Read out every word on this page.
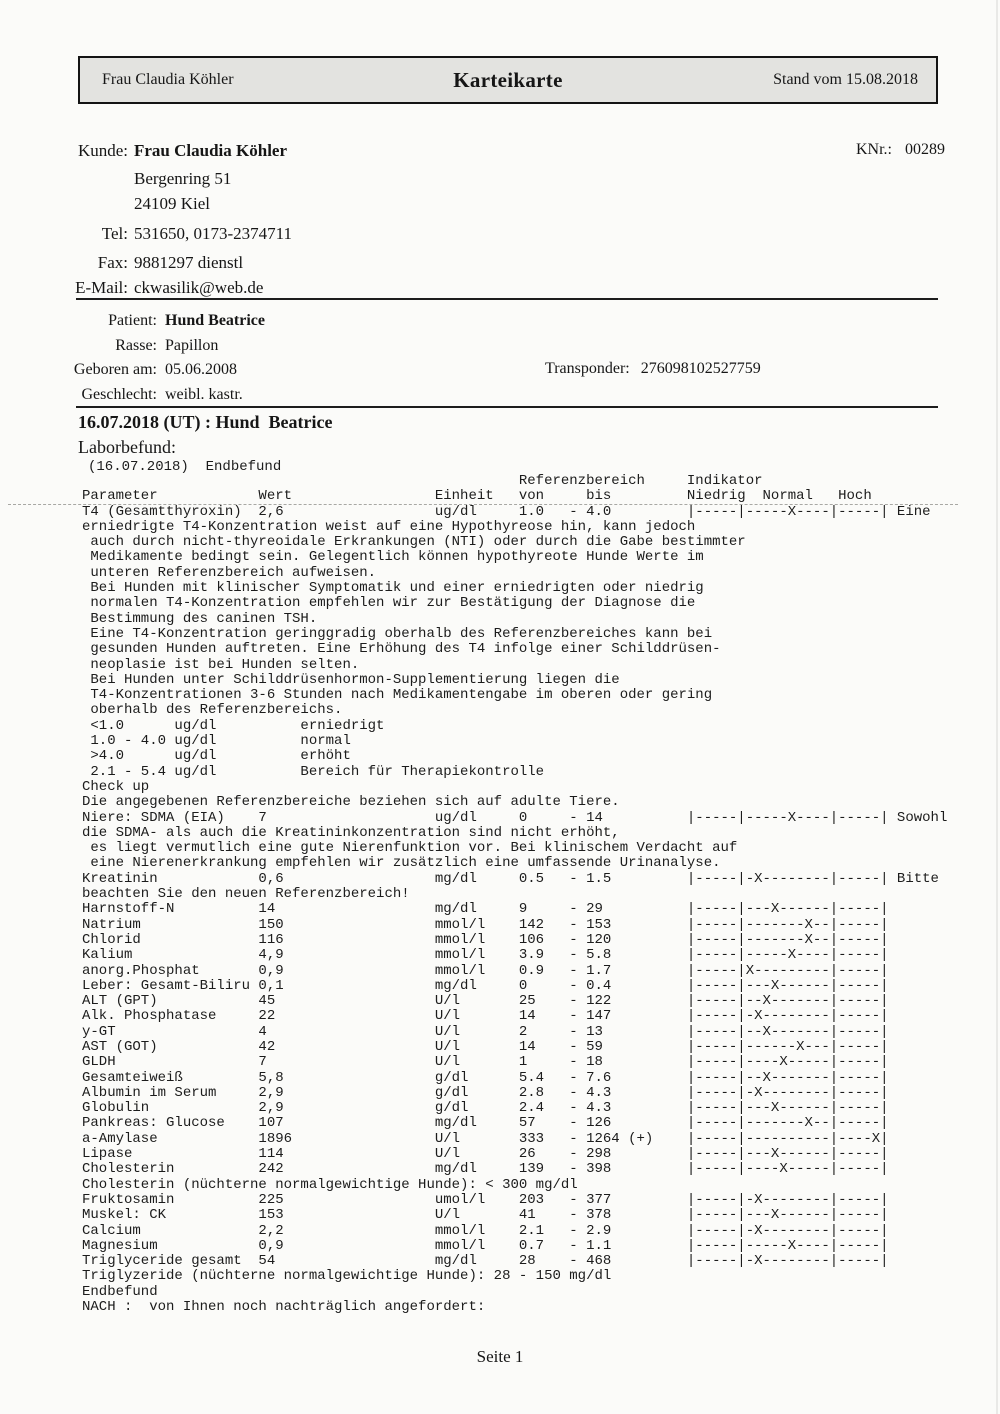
Frau Claudia Köhler	Karteikarte	Stand vom 15.08.2018
KNr.: 00289
Kunde: Frau Claudia Köhler
Bergenring 51
24109 Kiel
Tel: 531650, 0173-2374711
Fax: 9881297 dienstl
E-Mail: ckwasilik@web.de
Patient: Hund Beatrice
Rasse: Papillon
Geboren am: 05.06.2008
Geschlecht: weibl. kastr.
Transponder: 276098102527759
16.07.2018 (UT) : Hund  Beatrice
Laborbefund:
(16.07.2018)  Endbefund
Referenzbereich     Indikator
Parameter            Wert                 Einheit   von     bis         Niedrig  Normal   Hoch
T4 (Gesamtthyroxin)  2,6                  ug/dl     1.0   - 4.0         |-----|-----X----|-----| Eine
erniedrigte T4-Konzentration weist auf eine Hypothyreose hin, kann jedoch
auch durch nicht-thyreoidale Erkrankungen (NTI) oder durch die Gabe bestimmter
Medikamente bedingt sein. Gelegentlich können hypothyreote Hunde Werte im
unteren Referenzbereich aufweisen.
Bei Hunden mit klinischer Symptomatik und einer erniedrigten oder niedrig
normalen T4-Konzentration empfehlen wir zur Bestätigung der Diagnose die
Bestimmung des caninen TSH.
Eine T4-Konzentration geringgradig oberhalb des Referenzbereiches kann bei
gesunden Hunden auftreten. Eine Erhöhung des T4 infolge einer Schilddrüsen-
neoplasie ist bei Hunden selten.
Bei Hunden unter Schilddrüsenhormon-Supplementierung liegen die
T4-Konzentrationen 3-6 Stunden nach Medikamentengabe im oberen oder gering
oberhalb des Referenzbereichs.
<1.0      ug/dl          erniedrigt
1.0 - 4.0 ug/dl          normal
>4.0      ug/dl          erhöht
2.1 - 5.4 ug/dl          Bereich für Therapiekontrolle
Check up
Die angegebenen Referenzbereiche beziehen sich auf adulte Tiere.
Niere: SDMA (EIA)    7                    ug/dl     0     - 14          |-----|-----X----|-----| Sowohl
die SDMA- als auch die Kreatininkonzentration sind nicht erhöht,
es liegt vermutlich eine gute Nierenfunktion vor. Bei klinischem Verdacht auf
eine Nierenerkrankung empfehlen wir zusätzlich eine umfassende Urinanalyse.
Kreatinin            0,6                  mg/dl     0.5   - 1.5         |-----|-X--------|-----| Bitte
beachten Sie den neuen Referenzbereich!
Harnstoff-N          14                   mg/dl     9     - 29          |-----|---X------|-----|
Natrium              150                  mmol/l    142   - 153         |-----|-------X--|-----|
Chlorid              116                  mmol/l    106   - 120         |-----|-------X--|-----|
Kalium               4,9                  mmol/l    3.9   - 5.8         |-----|-----X----|-----|
anorg.Phosphat       0,9                  mmol/l    0.9   - 1.7         |-----|X---------|-----|
Leber: Gesamt-Biliru 0,1                  mg/dl     0     - 0.4         |-----|---X------|-----|
ALT (GPT)            45                   U/l       25    - 122         |-----|--X-------|-----|
Alk. Phosphatase     22                   U/l       14    - 147         |-----|-X--------|-----|
y-GT                 4                    U/l       2     - 13          |-----|--X-------|-----|
AST (GOT)            42                   U/l       14    - 59          |-----|------X---|-----|
GLDH                 7                    U/l       1     - 18          |-----|----X-----|-----|
Gesamteiweiß         5,8                  g/dl      5.4   - 7.6         |-----|--X-------|-----|
Albumin im Serum     2,9                  g/dl      2.8   - 4.3         |-----|-X--------|-----|
Globulin             2,9                  g/dl      2.4   - 4.3         |-----|---X------|-----|
Pankreas: Glucose    107                  mg/dl     57    - 126         |-----|-------X--|-----|
a-Amylase            1896                 U/l       333   - 1264 (+)    |-----|----------|----X|
Lipase               114                  U/l       26    - 298         |-----|---X------|-----|
Cholesterin          242                  mg/dl     139   - 398         |-----|----X-----|-----|
Cholesterin (nüchterne normalgewichtige Hunde): < 300 mg/dl
Fruktosamin          225                  umol/l    203   - 377         |-----|-X--------|-----|
Muskel: CK           153                  U/l       41    - 378         |-----|---X------|-----|
Calcium              2,2                  mmol/l    2.1   - 2.9         |-----|-X--------|-----|
Magnesium            0,9                  mmol/l    0.7   - 1.1         |-----|-----X----|-----|
Triglyceride gesamt  54                   mg/dl     28    - 468         |-----|-X--------|-----|
Triglyzeride (nüchterne normalgewichtige Hunde): 28 - 150 mg/dl
Endbefund
NACH :  von Ihnen noch nachträglich angefordert:
Seite 1
